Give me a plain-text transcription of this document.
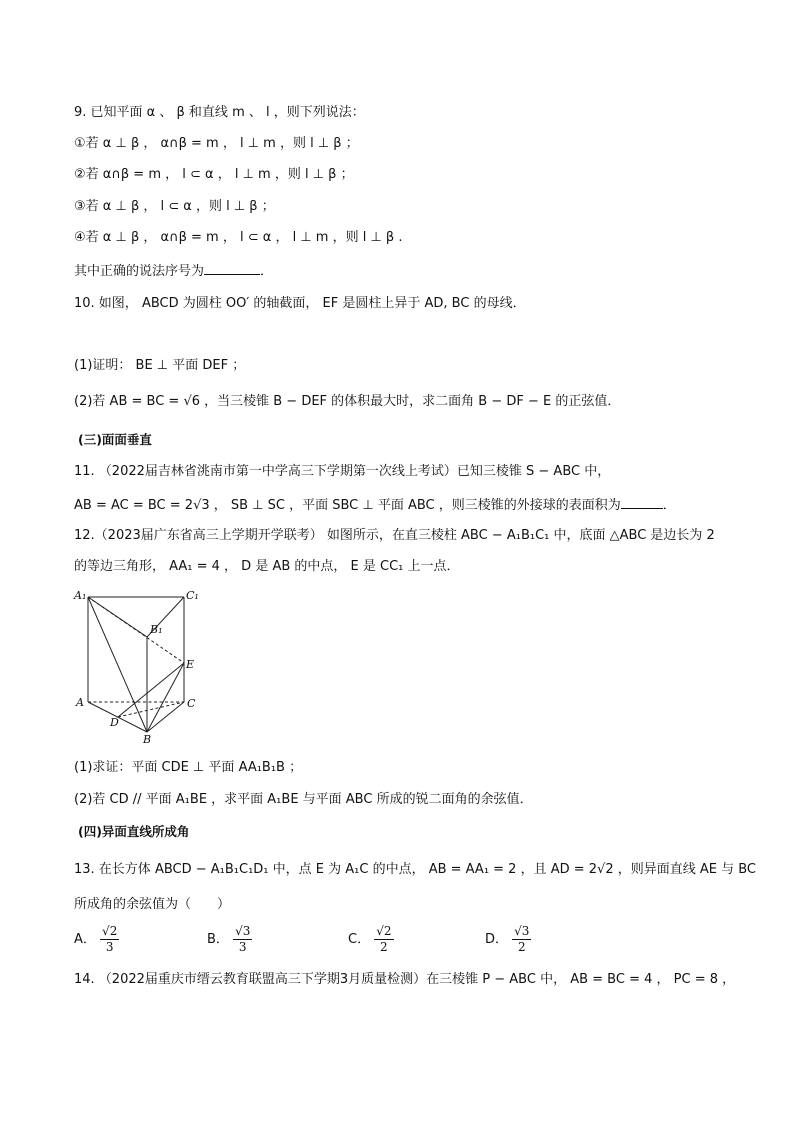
9. 已知平面 α 、 β 和直线 m 、 l ，则下列说法：
①若 α ⊥ β ， α∩β = m ， l ⊥ m ，则 l ⊥ β ；
②若 α∩β = m ， l ⊂ α ， l ⊥ m ，则 l ⊥ β ；
③若 α ⊥ β ， l ⊂ α ，则 l ⊥ β ；
④若 α ⊥ β ， α∩β = m ， l ⊂ α ， l ⊥ m ，则 l ⊥ β .
其中正确的说法序号为	．
10. 如图， ABCD 为圆柱 OO′ 的轴截面， EF 是圆柱上异于 AD, BC 的母线．
(1)证明： BE ⊥ 平面 DEF ；
(2)若 AB = BC = √6 ，当三棱锥 B − DEF 的体积最大时，求二面角 B − DF − E 的正弦值．
(三)面面垂直
11. （2022届吉林省洮南市第一中学高三下学期第一次线上考试）已知三棱锥 S − ABC 中，
AB = AC = BC = 2√3 ， SB ⊥ SC ，平面 SBC ⊥ 平面 ABC ，则三棱锥的外接球的表面积为	．
12.（2023届广东省高三上学期开学联考） 如图所示，在直三棱柱 ABC − A₁B₁C₁ 中，底面 △ABC 是边长为 2
的等边三角形， AA₁ = 4 ， D 是 AB 的中点， E 是 CC₁ 上一点．
A₁	C₁
B₁
E
A	C
D
B
(1)求证：平面 CDE ⊥ 平面 AA₁B₁B ；
(2)若 CD // 平面 A₁BE ，求平面 A₁BE 与平面 ABC 所成的锐二面角的余弦值．
(四)异面直线所成角
13. 在长方体 ABCD − A₁B₁C₁D₁ 中，点 E 为 A₁C 的中点， AB = AA₁ = 2 ，且 AD = 2√2 ，则异面直线 AE 与 BC
所成角的余弦值为（　　）
A． $\frac{√2}{3}$	B． $\frac{√3}{3}$	C． $\frac{√2}{2}$	D． $\frac{√3}{2}$
14. （2022届重庆市缙云教育联盟高三下学期3月质量检测）在三棱锥 P − ABC 中， AB = BC = 4 ， PC = 8 ，
